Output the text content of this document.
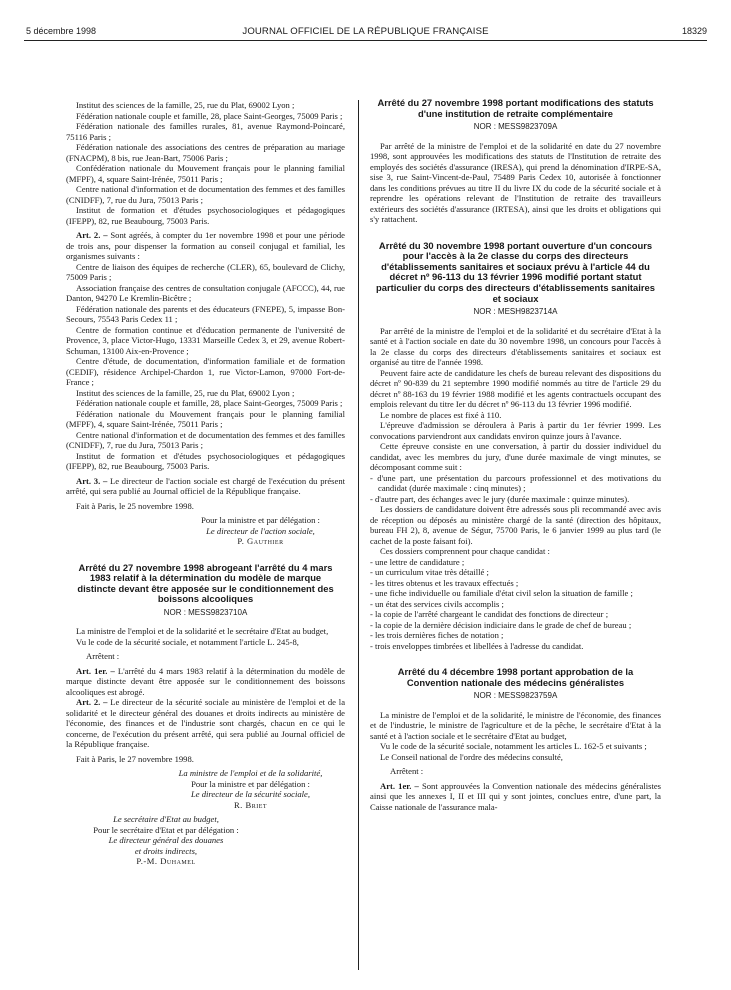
5 décembre 1998	JOURNAL OFFICIEL DE LA RÉPUBLIQUE FRANÇAISE	18329

Institut des sciences de la famille, 25, rue du Plat, 69002 Lyon ;

Fédération nationale couple et famille, 28, place Saint-Georges, 75009 Paris ;

Fédération nationale des familles rurales, 81, avenue Raymond-Poincaré, 75116 Paris ;

Fédération nationale des associations des centres de préparation au mariage (FNACPM), 8 bis, rue Jean-Bart, 75006 Paris ;

Confédération nationale du Mouvement français pour le planning familial (MFPF), 4, square Saint-Irénée, 75011 Paris ;

Centre national d'information et de documentation des femmes et des familles (CNIDFF), 7, rue du Jura, 75013 Paris ;

Institut de formation et d'études psychosociologiques et pédagogiques (IFEPP), 82, rue Beaubourg, 75003 Paris.

Art. 2. – Sont agréés, à compter du 1er novembre 1998 et pour une période de trois ans, pour dispenser la formation au conseil conjugal et familial, les organismes suivants :

Centre de liaison des équipes de recherche (CLER), 65, boulevard de Clichy, 75009 Paris ;

Association française des centres de consultation conjugale (AFCCC), 44, rue Danton, 94270 Le Kremlin-Bicêtre ;

Fédération nationale des parents et des éducateurs (FNEPE), 5, impasse Bon-Secours, 75543 Paris Cedex 11 ;

Centre de formation continue et d'éducation permanente de l'université de Provence, 3, place Victor-Hugo, 13331 Marseille Cedex 3, et 29, avenue Robert-Schuman, 13100 Aix-en-Provence ;

Centre d'étude, de documentation, d'information familiale et de formation (CEDIF), résidence Archipel-Chardon 1, rue Victor-Lamon, 97000 Fort-de-France ;

Institut des sciences de la famille, 25, rue du Plat, 69002 Lyon ;

Fédération nationale couple et famille, 28, place Saint-Georges, 75009 Paris ;

Fédération nationale du Mouvement français pour le planning familial (MFPF), 4, square Saint-Irénée, 75011 Paris ;

Centre national d'information et de documentation des femmes et des familles (CNIDFF), 7, rue du Jura, 75013 Paris ;

Institut de formation et d'études psychosociologiques et pédagogiques (IFEPP), 82, rue Beaubourg, 75003 Paris.

Art. 3. – Le directeur de l'action sociale est chargé de l'exécution du présent arrêté, qui sera publié au Journal officiel de la République française.

Fait à Paris, le 25 novembre 1998.

Pour la ministre et par délégation :
Le directeur de l'action sociale,
P. Gauthier
Arrêté du 27 novembre 1998 abrogeant l'arrêté du 4 mars 1983 relatif à la détermination du modèle de marque distincte devant être apposée sur le conditionnement des boissons alcooliques
NOR : MESS9823710A

La ministre de l'emploi et de la solidarité et le secrétaire d'Etat au budget,

Vu le code de la sécurité sociale, et notamment l'article L. 245-8,

Arrêtent :

Art. 1er. – L'arrêté du 4 mars 1983 relatif à la détermination du modèle de marque distincte devant être apposée sur le conditionnement des boissons alcooliques est abrogé.

Art. 2. – Le directeur de la sécurité sociale au ministère de l'emploi et de la solidarité et le directeur général des douanes et droits indirects au ministère de l'économie, des finances et de l'industrie sont chargés, chacun en ce qui le concerne, de l'exécution du présent arrêté, qui sera publié au Journal officiel de la République française.

Fait à Paris, le 27 novembre 1998.

La ministre de l'emploi et de la solidarité,
Pour la ministre et par délégation :
Le directeur de la sécurité sociale,
R. Briet
Le secrétaire d'Etat au budget,
Pour le secrétaire d'Etat et par délégation :
Le directeur général des douanes
et droits indirects,
P.-M. Duhamel
Arrêté du 27 novembre 1998 portant modifications des statuts d'une institution de retraite complémentaire
NOR : MESS9823709A

Par arrêté de la ministre de l'emploi et de la solidarité en date du 27 novembre 1998, sont approuvées les modifications des statuts de l'Institution de retraite des employés des sociétés d'assurance (IRESA), qui prend la dénomination d'IRPE-SA, sise 3, rue Saint-Vincent-de-Paul, 75489 Paris Cedex 10, autorisée à fonctionner dans les conditions prévues au titre II du livre IX du code de la sécurité sociale et à reprendre les opérations relevant de l'Institution de retraite des travailleurs extérieurs des sociétés d'assurance (IRTESA), ainsi que les droits et obligations qui s'y rattachent.

Arrêté du 30 novembre 1998 portant ouverture d'un concours pour l'accès à la 2e classe du corps des directeurs d'établissements sanitaires et sociaux prévu à l'article 44 du décret nº 96-113 du 13 février 1996 modifié portant statut particulier du corps des directeurs d'établissements sanitaires et sociaux
NOR : MESH9823714A

Par arrêté de la ministre de l'emploi et de la solidarité et du secrétaire d'Etat à la santé et à l'action sociale en date du 30 novembre 1998, un concours pour l'accès à la 2e classe du corps des directeurs d'établissements sanitaires et sociaux est organisé au titre de l'année 1998.

Peuvent faire acte de candidature les chefs de bureau relevant des dispositions du décret nº 90-839 du 21 septembre 1990 modifié nommés au titre de l'article 29 du décret nº 88-163 du 19 février 1988 modifié et les agents contractuels occupant des emplois relevant du titre Ier du décret nº 96-113 du 13 février 1996 modifié.

Le nombre de places est fixé à 110.

L'épreuve d'admission se déroulera à Paris à partir du 1er février 1999. Les convocations parviendront aux candidats environ quinze jours à l'avance.

Cette épreuve consiste en une conversation, à partir du dossier individuel du candidat, avec les membres du jury, d'une durée maximale de vingt minutes, se décomposant comme suit :

- d'une part, une présentation du parcours professionnel et des motivations du candidat (durée maximale : cinq minutes) ;
- d'autre part, des échanges avec le jury (durée maximale : quinze minutes).

Les dossiers de candidature doivent être adressés sous pli recommandé avec avis de réception ou déposés au ministère chargé de la santé (direction des hôpitaux, bureau FH 2), 8, avenue de Ségur, 75700 Paris, le 6 janvier 1999 au plus tard (le cachet de la poste faisant foi).

Ces dossiers comprennent pour chaque candidat :

- une lettre de candidature ;
- un curriculum vitae très détaillé ;
- les titres obtenus et les travaux effectués ;
- une fiche individuelle ou familiale d'état civil selon la situation de famille ;
- un état des services civils accomplis ;
- la copie de l'arrêté chargeant le candidat des fonctions de directeur ;
- la copie de la dernière décision indiciaire dans le grade de chef de bureau ;
- les trois dernières fiches de notation ;
- trois enveloppes timbrées et libellées à l'adresse du candidat.
Arrêté du 4 décembre 1998 portant approbation de la Convention nationale des médecins généralistes
NOR : MESS9823759A

La ministre de l'emploi et de la solidarité, le ministre de l'économie, des finances et de l'industrie, le ministre de l'agriculture et de la pêche, le secrétaire d'Etat à la santé et à l'action sociale et le secrétaire d'Etat au budget,

Vu le code de la sécurité sociale, notamment les articles L. 162-5 et suivants ;

Le Conseil national de l'ordre des médecins consulté,

Arrêtent :

Art. 1er. – Sont approuvées la Convention nationale des médecins généralistes ainsi que les annexes I, II et III qui y sont jointes, conclues entre, d'une part, la Caisse nationale de l'assurance mala-
